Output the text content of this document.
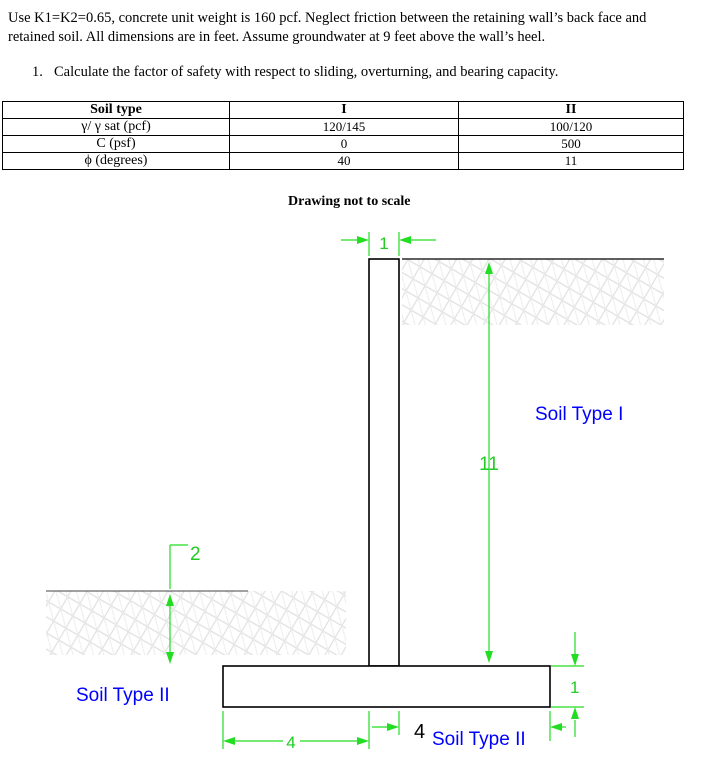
Use K1=K2=0.65, concrete unit weight is 160 pcf. Neglect friction between the retaining wall’s back face and
retained soil. All dimensions are in feet. Assume groundwater at 9 feet above the wall’s heel.
1. Calculate the factor of safety with respect to sliding, overturning, and bearing capacity.
Soil type	I	II
γ/ γ sat (pcf)	120/145	100/120
C (psf)	0	500
ϕ (degrees)	40	11
Drawing not to scale
1
11
2
1
4	4
Soil Type I
Soil Type II
Soil Type II
